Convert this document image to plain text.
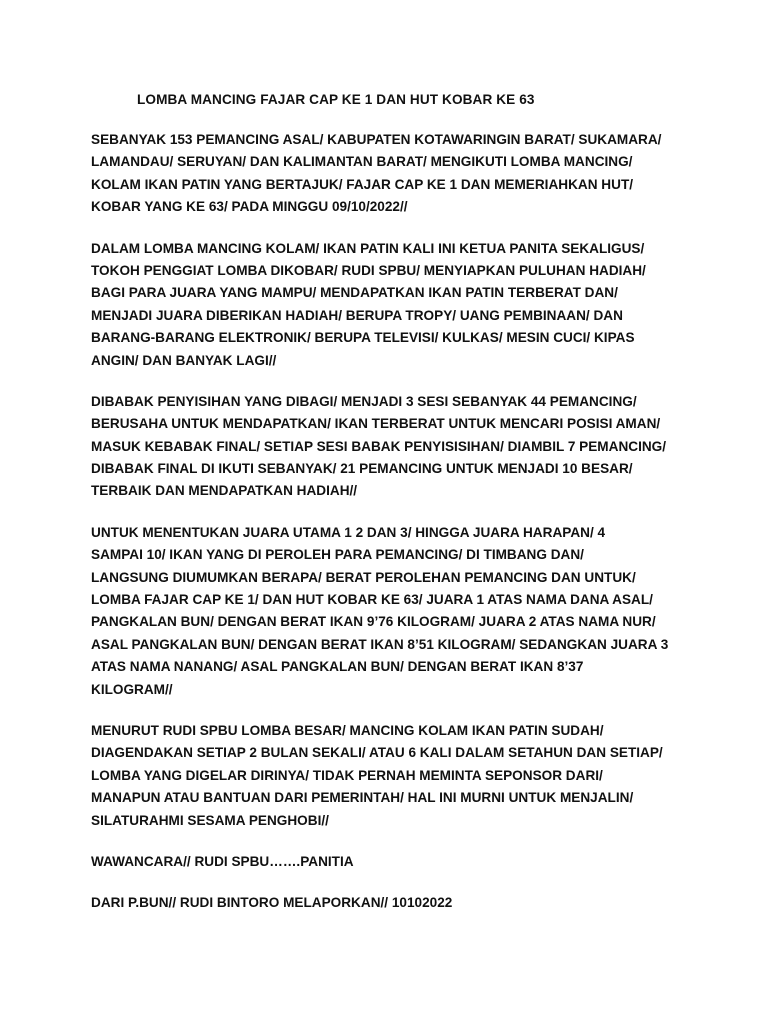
LOMBA MANCING FAJAR CAP KE 1 DAN HUT KOBAR KE 63

SEBANYAK 153 PEMANCING ASAL/ KABUPATEN KOTAWARINGIN BARAT/ SUKAMARA/
LAMANDAU/ SERUYAN/ DAN KALIMANTAN BARAT/ MENGIKUTI LOMBA MANCING/
KOLAM IKAN PATIN YANG BERTAJUK/ FAJAR CAP KE 1 DAN MEMERIAHKAN HUT/
KOBAR YANG KE 63/ PADA MINGGU 09/10/2022//

DALAM LOMBA MANCING KOLAM/ IKAN PATIN KALI INI KETUA PANITA SEKALIGUS/
TOKOH PENGGIAT LOMBA DIKOBAR/ RUDI SPBU/ MENYIAPKAN PULUHAN HADIAH/
BAGI PARA JUARA YANG MAMPU/ MENDAPATKAN IKAN PATIN TERBERAT DAN/
MENJADI JUARA DIBERIKAN HADIAH/ BERUPA TROPY/ UANG PEMBINAAN/ DAN
BARANG-BARANG ELEKTRONIK/ BERUPA TELEVISI/ KULKAS/ MESIN CUCI/ KIPAS
ANGIN/ DAN BANYAK LAGI//

DIBABAK PENYISIHAN YANG DIBAGI/ MENJADI 3 SESI SEBANYAK 44 PEMANCING/
BERUSAHA UNTUK MENDAPATKAN/ IKAN TERBERAT UNTUK MENCARI POSISI AMAN/
MASUK KEBABAK FINAL/ SETIAP SESI BABAK PENYISISIHAN/ DIAMBIL 7 PEMANCING/
DIBABAK FINAL DI IKUTI SEBANYAK/ 21 PEMANCING UNTUK MENJADI 10 BESAR/
TERBAIK DAN MENDAPATKAN HADIAH//

UNTUK MENENTUKAN JUARA UTAMA 1 2 DAN 3/ HINGGA JUARA HARAPAN/ 4
SAMPAI 10/ IKAN YANG DI PEROLEH PARA PEMANCING/ DI TIMBANG DAN/
LANGSUNG DIUMUMKAN BERAPA/ BERAT PEROLEHAN PEMANCING DAN UNTUK/
LOMBA FAJAR CAP KE 1/ DAN HUT KOBAR KE 63/ JUARA 1 ATAS NAMA DANA ASAL/
PANGKALAN BUN/ DENGAN BERAT IKAN 9’76 KILOGRAM/ JUARA 2 ATAS NAMA NUR/
ASAL PANGKALAN BUN/ DENGAN BERAT IKAN 8’51 KILOGRAM/ SEDANGKAN JUARA 3
ATAS NAMA NANANG/ ASAL PANGKALAN BUN/ DENGAN BERAT IKAN 8’37
KILOGRAM//

MENURUT RUDI SPBU LOMBA BESAR/ MANCING KOLAM IKAN PATIN SUDAH/
DIAGENDAKAN SETIAP 2 BULAN SEKALI/ ATAU 6 KALI DALAM SETAHUN DAN SETIAP/
LOMBA YANG DIGELAR DIRINYA/ TIDAK PERNAH MEMINTA SEPONSOR DARI/
MANAPUN ATAU BANTUAN DARI PEMERINTAH/ HAL INI MURNI UNTUK MENJALIN/
SILATURAHMI SESAMA PENGHOBI//

WAWANCARA// RUDI SPBU…….PANITIA

DARI P.BUN// RUDI BINTORO MELAPORKAN// 10102022
